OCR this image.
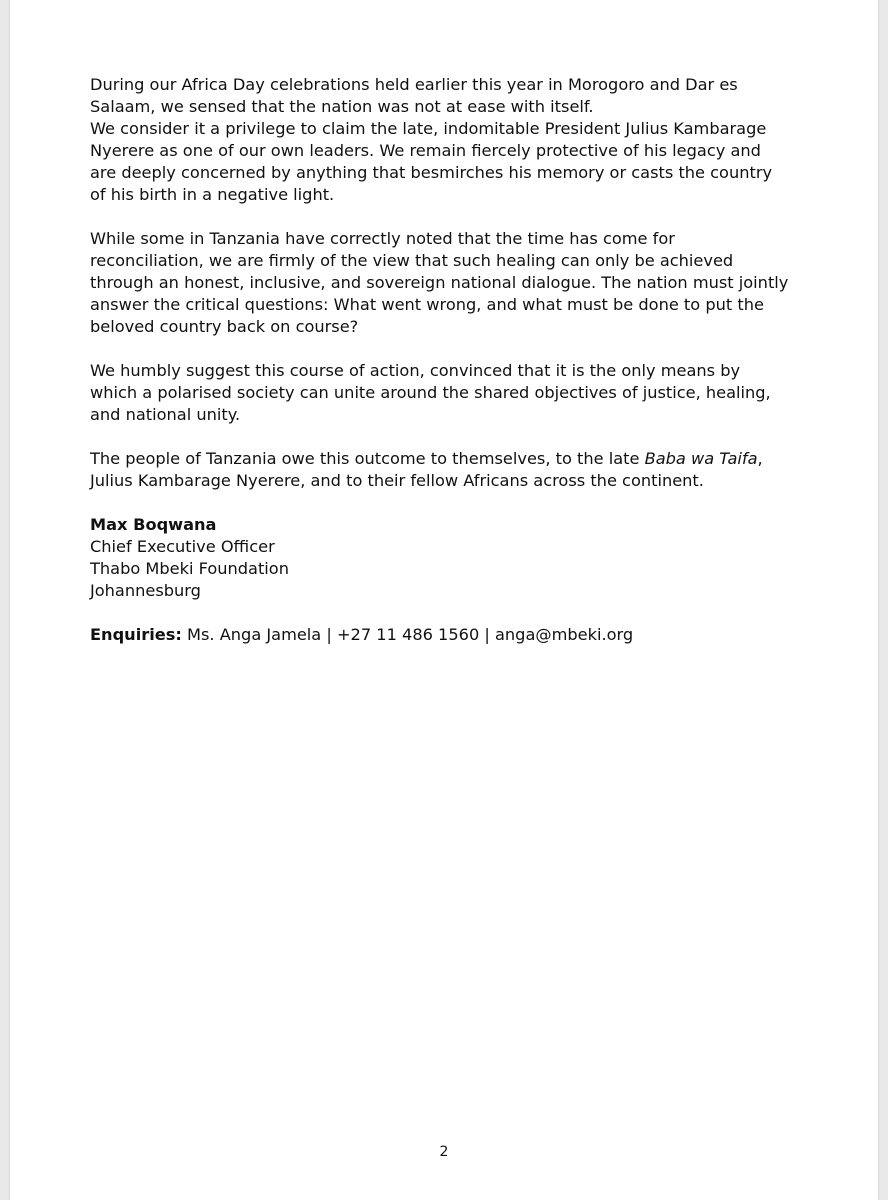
During our Africa Day celebrations held earlier this year in Morogoro and Dar es Salaam, we sensed that the nation was not at ease with itself.
We consider it a privilege to claim the late, indomitable President Julius Kambarage Nyerere as one of our own leaders. We remain fiercely protective of his legacy and are deeply concerned by anything that besmirches his memory or casts the country of his birth in a negative light.

While some in Tanzania have correctly noted that the time has come for reconciliation, we are firmly of the view that such healing can only be achieved through an honest, inclusive, and sovereign national dialogue. The nation must jointly answer the critical questions: What went wrong, and what must be done to put the beloved country back on course?

We humbly suggest this course of action, convinced that it is the only means by which a polarised society can unite around the shared objectives of justice, healing, and national unity.

The people of Tanzania owe this outcome to themselves, to the late Baba wa Taifa, Julius Kambarage Nyerere, and to their fellow Africans across the continent.

Max Boqwana
Chief Executive Officer
Thabo Mbeki Foundation
Johannesburg

Enquiries: Ms. Anga Jamela | +27 11 486 1560 | anga@mbeki.org

2
